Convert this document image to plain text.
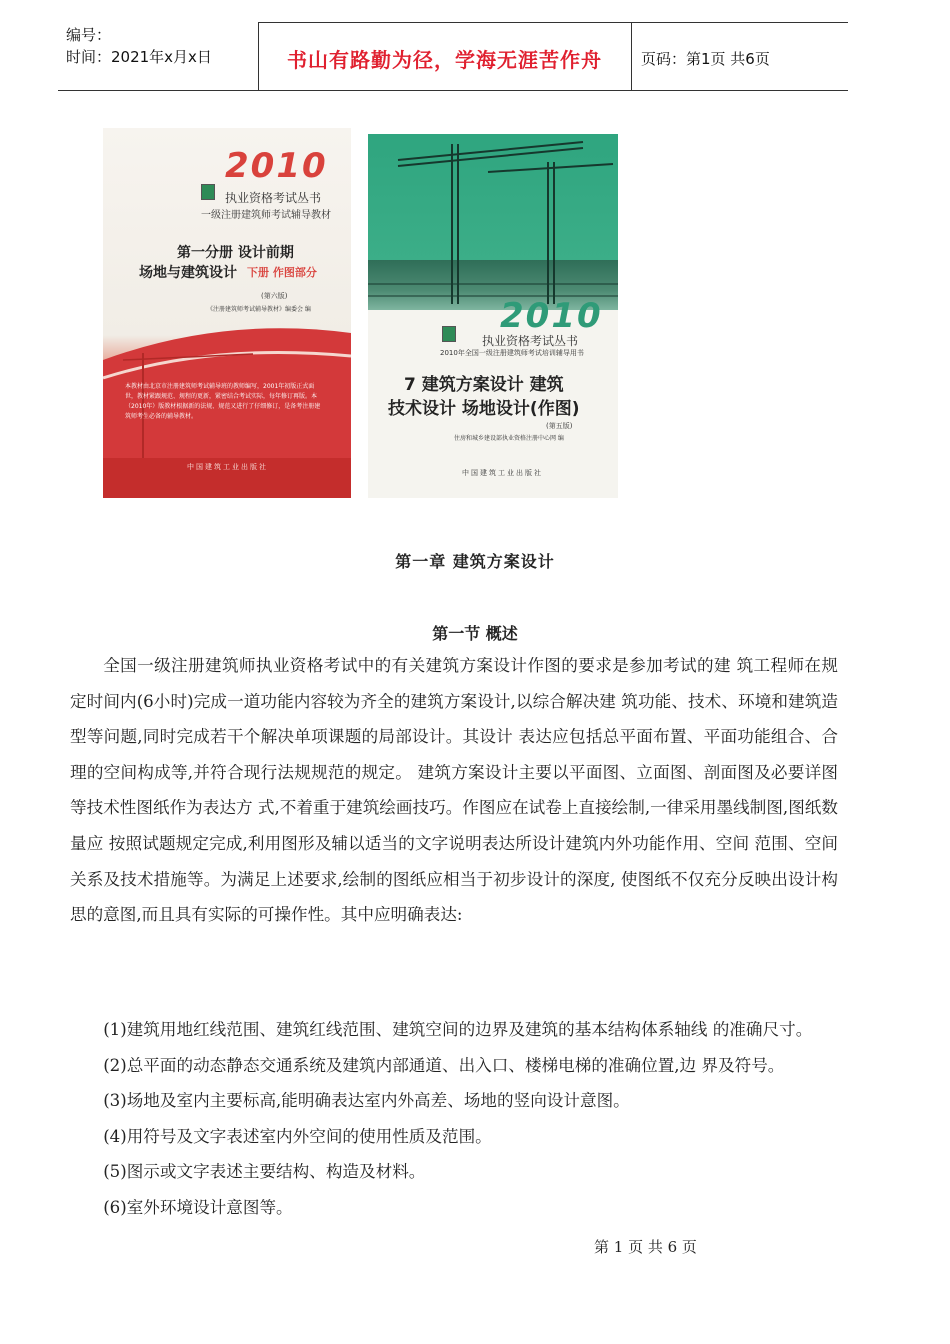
编号：
时间：2021年x月x日	书山有路勤为径，学海无涯苦作舟	页码：第1页 共6页
2010
执业资格考试丛书
一级注册建筑师考试辅导教材
第一分册 设计前期
场地与建筑设计 下册 作图部分
(第六版)
《注册建筑师考试辅导教材》编委会 编
本教材由北京市注册建筑师考试辅导班的教师编写，2001年初版正式面世，教材紧跟规范、规程的更新，紧密结合考试实际，每年修订再版。本（2010年）版教材根据新的法规、规范又进行了仔细修订，是备考注册建筑师考生必备的辅导教材。
中国建筑工业出版社
2010
执业资格考试丛书
2010年全国一级注册建筑师考试培训辅导用书
7 建筑方案设计 建筑
技术设计 场地设计(作图)
(第五版)
住房和城乡建设部执业资格注册中心网 编
中国建筑工业出版社
第一章 建筑方案设计
第一节 概述

全国一级注册建筑师执业资格考试中的有关建筑方案设计作图的要求是参加考试的建 筑工程师在规定时间内(6小时)完成一道功能内容较为齐全的建筑方案设计,以综合解决建 筑功能、技术、环境和建筑造型等问题,同时完成若干个解决单项课题的局部设计。其设计 表达应包括总平面布置、平面功能组合、合理的空间构成等,并符合现行法规规范的规定。 建筑方案设计主要以平面图、立面图、剖面图及必要详图等技术性图纸作为表达方 式,不着重于建筑绘画技巧。作图应在试卷上直接绘制,一律采用墨线制图,图纸数量应 按照试题规定完成,利用图形及辅以适当的文字说明表达所设计建筑内外功能作用、空间 范围、空间关系及技术措施等。为满足上述要求,绘制的图纸应相当于初步设计的深度, 使图纸不仅充分反映出设计构思的意图,而且具有实际的可操作性。其中应明确表达:

(1)建筑用地红线范围、建筑红线范围、建筑空间的边界及建筑的基本结构体系轴线 的准确尺寸。
(2)总平面的动态静态交通系统及建筑内部通道、出入口、楼梯电梯的准确位置,边 界及符号。
(3)场地及室内主要标高,能明确表达室内外高差、场地的竖向设计意图。
(4)用符号及文字表述室内外空间的使用性质及范围。
(5)图示或文字表述主要结构、构造及材料。
(6)室外环境设计意图等。
第 1 页 共 6 页
